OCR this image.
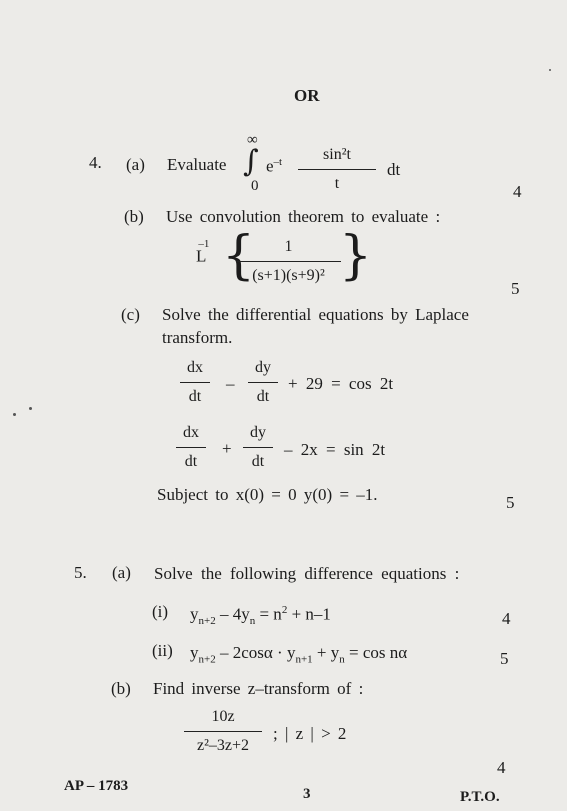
OR
4. (a) Evaluate
∞
∫
0
$e^{-t}$	sin²t
t
dt
4
(b) Use convolution theorem to evaluate :
$L^{-1}$ {	1
(s+1)(s+9)² }
5
(c) Solve the differential equations by Laplace
transform.
dx
dt
–
dy
dt
+ 29 = cos 2t
dx
dt
+
dy
dt
– 2x = sin 2t
Subject to x(0) = 0 y(0) = –1.	5
5. (a) Solve the following difference equations :
(i) $y_{n+2} - 4y_n = n^2 + n-1$	4
(ii) $y_{n+2} - 2\cos\alpha \cdot y_{n+1} + y_n = \cos n\alpha$	5
(b) Find inverse z–transform of :
10z
z²–3z+2
; | z | > 2
4
AP – 1783	3	P.T.O.
